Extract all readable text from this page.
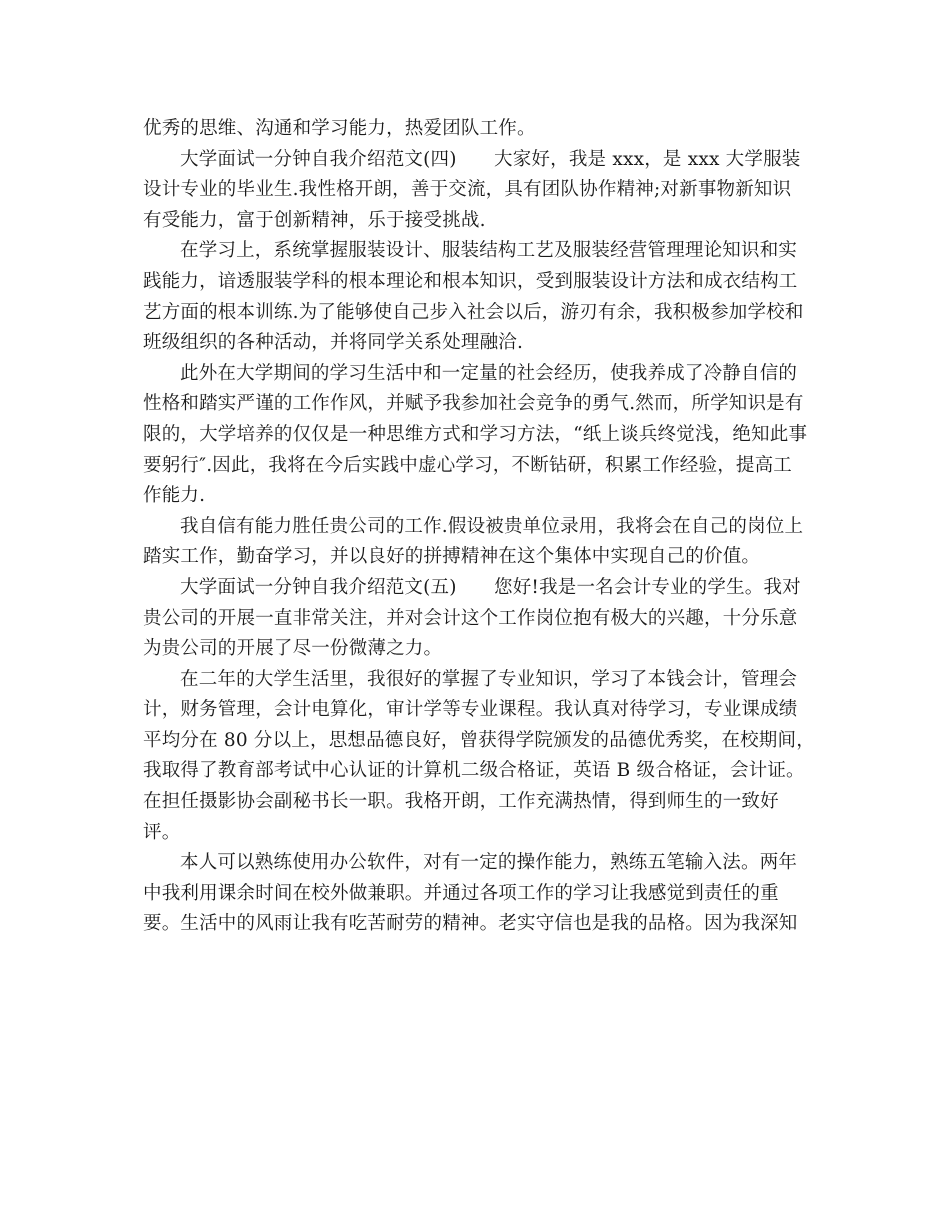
优秀的思维、沟通和学习能力，热爱团队工作。
大学面试一分钟自我介绍范文(四)　　大家好，我是 xxx，是 xxx 大学服装
设计专业的毕业生.我性格开朗，善于交流，具有团队协作精神;对新事物新知识
有受能力，富于创新精神，乐于接受挑战.
在学习上，系统掌握服装设计、服装结构工艺及服装经营管理理论知识和实
践能力，谙透服装学科的根本理论和根本知识，受到服装设计方法和成衣结构工
艺方面的根本训练.为了能够使自己步入社会以后，游刃有余，我积极参加学校和
班级组织的各种活动，并将同学关系处理融洽.
此外在大学期间的学习生活中和一定量的社会经历，使我养成了冷静自信的
性格和踏实严谨的工作作风，并赋予我参加社会竞争的勇气.然而，所学知识是有
限的，大学培养的仅仅是一种思维方式和学习方法，“纸上谈兵终觉浅，绝知此事
要躬行″.因此，我将在今后实践中虚心学习，不断钻研，积累工作经验，提高工
作能力.
我自信有能力胜任贵公司的工作.假设被贵单位录用，我将会在自己的岗位上
踏实工作，勤奋学习，并以良好的拼搏精神在这个集体中实现自己的价值。
大学面试一分钟自我介绍范文(五)　　您好!我是一名会计专业的学生。我对
贵公司的开展一直非常关注，并对会计这个工作岗位抱有极大的兴趣，十分乐意
为贵公司的开展了尽一份微薄之力。
在二年的大学生活里，我很好的掌握了专业知识，学习了本钱会计，管理会
计，财务管理，会计电算化，审计学等专业课程。我认真对待学习，专业课成绩
平均分在 80 分以上，思想品德良好，曾获得学院颁发的品德优秀奖，在校期间，
我取得了教育部考试中心认证的计算机二级合格证，英语 B 级合格证，会计证。
在担任摄影协会副秘书长一职。我格开朗，工作充满热情，得到师生的一致好
评。
本人可以熟练使用办公软件，对有一定的操作能力，熟练五笔输入法。两年
中我利用课余时间在校外做兼职。并通过各项工作的学习让我感觉到责任的重
要。生活中的风雨让我有吃苦耐劳的精神。老实守信也是我的品格。因为我深知
